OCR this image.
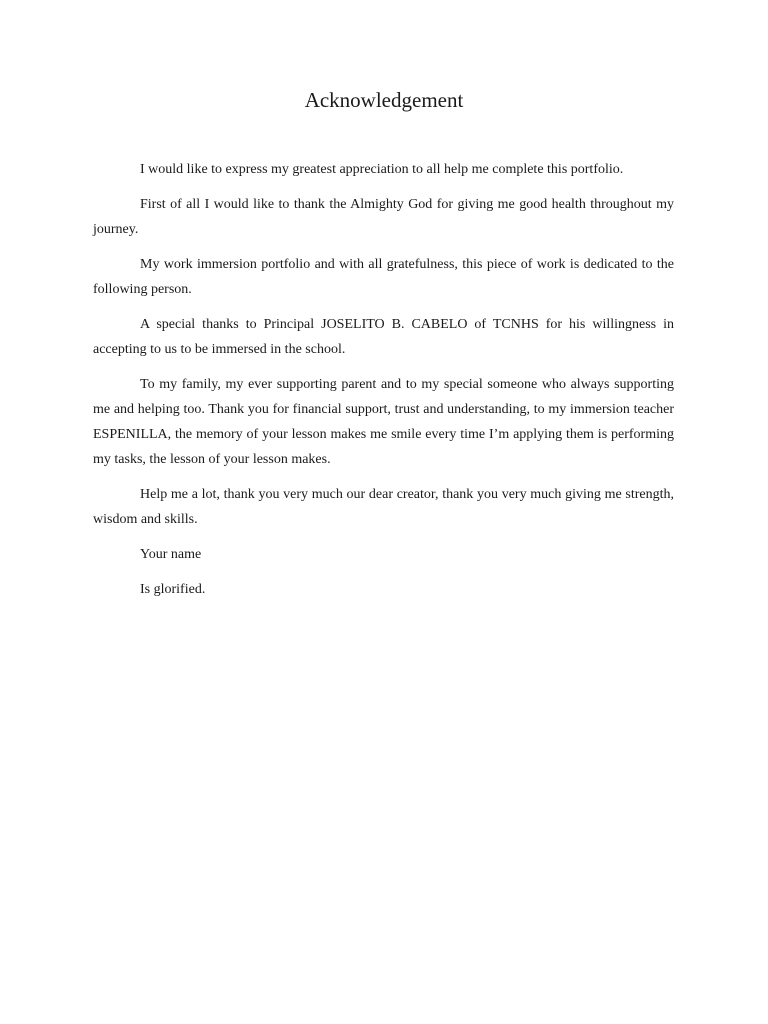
Acknowledgement

I would like to express my greatest appreciation to all help me complete this portfolio.

First of all I would like to thank the Almighty God for giving me good health throughout my journey.

My work immersion portfolio and with all gratefulness, this piece of work is dedicated to the following person.

A special thanks to Principal JOSELITO B. CABELO of TCNHS for his willingness in accepting to us to be immersed in the school.

To my family, my ever supporting parent and to my special someone who always supporting me and helping too. Thank you for financial support, trust and understanding, to my immersion teacher ESPENILLA, the memory of your lesson makes me smile every time I’m applying them is performing my tasks, the lesson of your lesson makes.

Help me a lot, thank you very much our dear creator, thank you very much giving me strength, wisdom and skills.

Your name

Is glorified.
